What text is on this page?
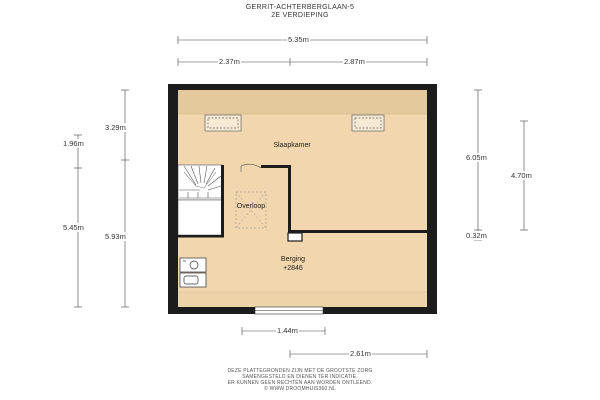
GERRIT-ACHTERBERGLAAN-5
2E VERDIEPING
Slaapkamer
Overloop
Berging
+2846
5.35m
2.37m	2.87m
1.96m
5.45m
3.29m
5.93m
6.05m
0.32m
4.70m
1.44m
2.61m
DEZE PLATTEGRONDEN ZIJN MET DE GROOTSTE ZORG
SAMENGESTELD EN DIENEN TER INDICATIE.
ER KUNNEN GEEN RECHTEN AAN WORDEN ONTLEEND.
© WWW.DROOMHUIS360.NL
